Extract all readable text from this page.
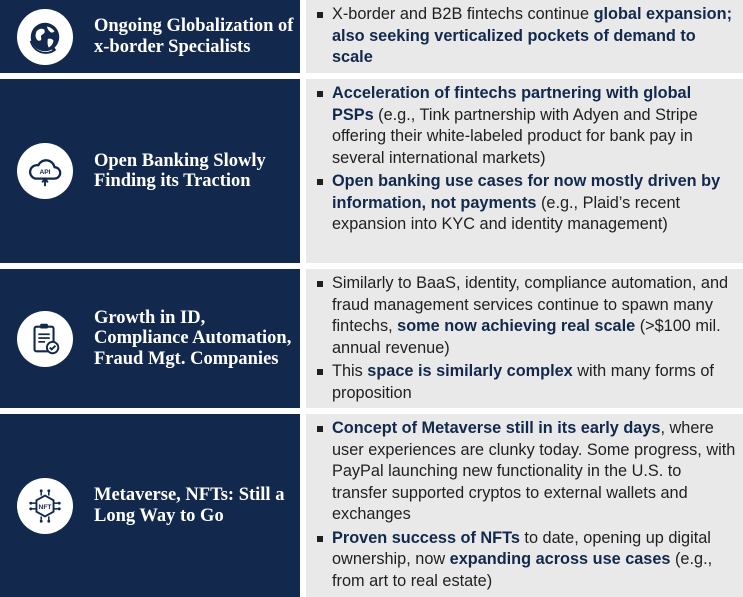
Ongoing Globalization of x-border Specialists
X-border and B2B fintechs continue global expansion; also seeking verticalized pockets of demand to scale
API
Open Banking Slowly Finding its Traction
Acceleration of fintechs partnering with global PSPs (e.g., Tink partnership with Adyen and Stripe offering their white-labeled product for bank pay in several international markets)
Open banking use cases for now mostly driven by information, not payments (e.g., Plaid’s recent expansion into KYC and identity management)
Growth in ID, Compliance Automation, Fraud Mgt. Companies
Similarly to BaaS, identity, compliance automation, and fraud management services continue to spawn many fintechs, some now achieving real scale (>$100 mil. annual revenue)
This space is similarly complex with many forms of proposition
NFT
Metaverse, NFTs: Still a Long Way to Go
Concept of Metaverse still in its early days, where user experiences are clunky today. Some progress, with PayPal launching new functionality in the U.S. to transfer supported cryptos to external wallets and exchanges
Proven success of NFTs to date, opening up digital ownership, now expanding across use cases (e.g., from art to real estate)
